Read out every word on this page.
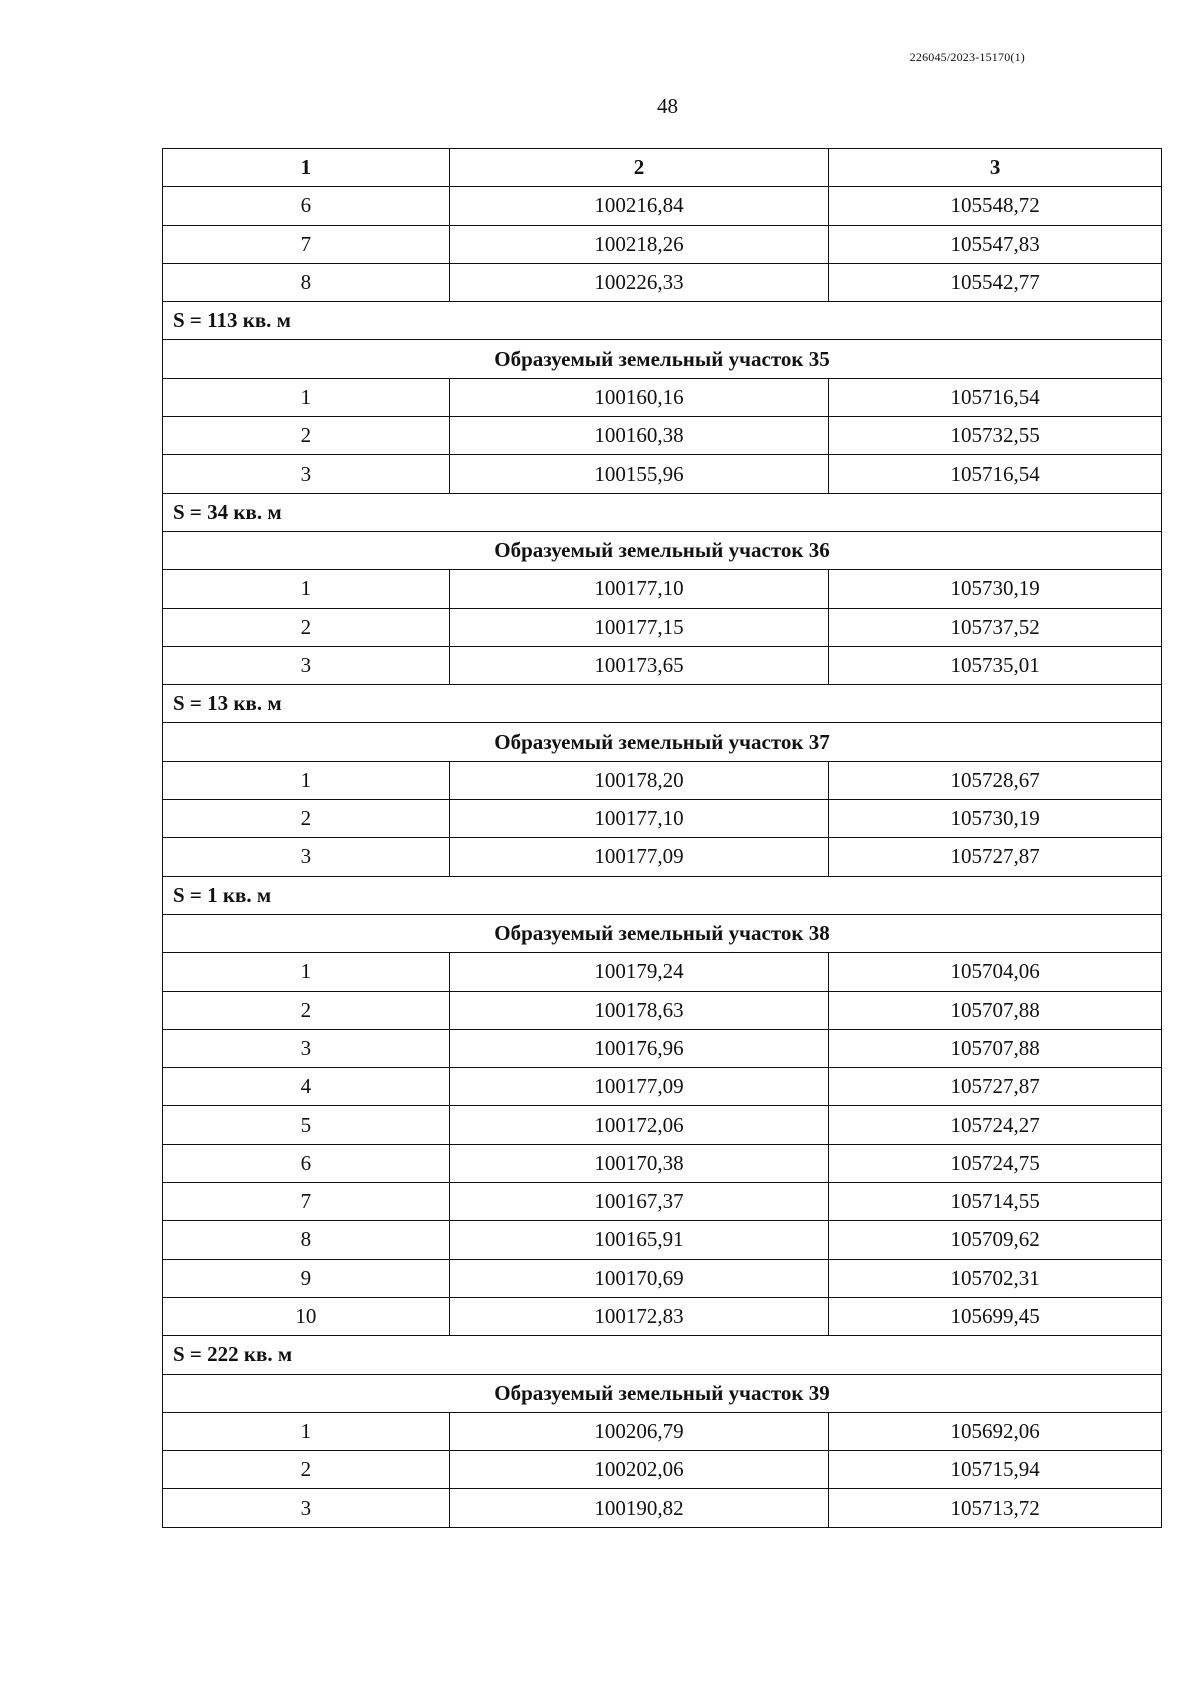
226045/2023-15170(1)
48
1	2	3
6	100216,84	105548,72
7	100218,26	105547,83
8	100226,33	105542,77
S = 113 кв. м		
Образуемый земельный участок 35		
1	100160,16	105716,54
2	100160,38	105732,55
3	100155,96	105716,54
S = 34 кв. м		
Образуемый земельный участок 36		
1	100177,10	105730,19
2	100177,15	105737,52
3	100173,65	105735,01
S = 13 кв. м		
Образуемый земельный участок 37		
1	100178,20	105728,67
2	100177,10	105730,19
3	100177,09	105727,87
S = 1 кв. м		
Образуемый земельный участок 38		
1	100179,24	105704,06
2	100178,63	105707,88
3	100176,96	105707,88
4	100177,09	105727,87
5	100172,06	105724,27
6	100170,38	105724,75
7	100167,37	105714,55
8	100165,91	105709,62
9	100170,69	105702,31
10	100172,83	105699,45
S = 222 кв. м		
Образуемый земельный участок 39		
1	100206,79	105692,06
2	100202,06	105715,94
3	100190,82	105713,72
